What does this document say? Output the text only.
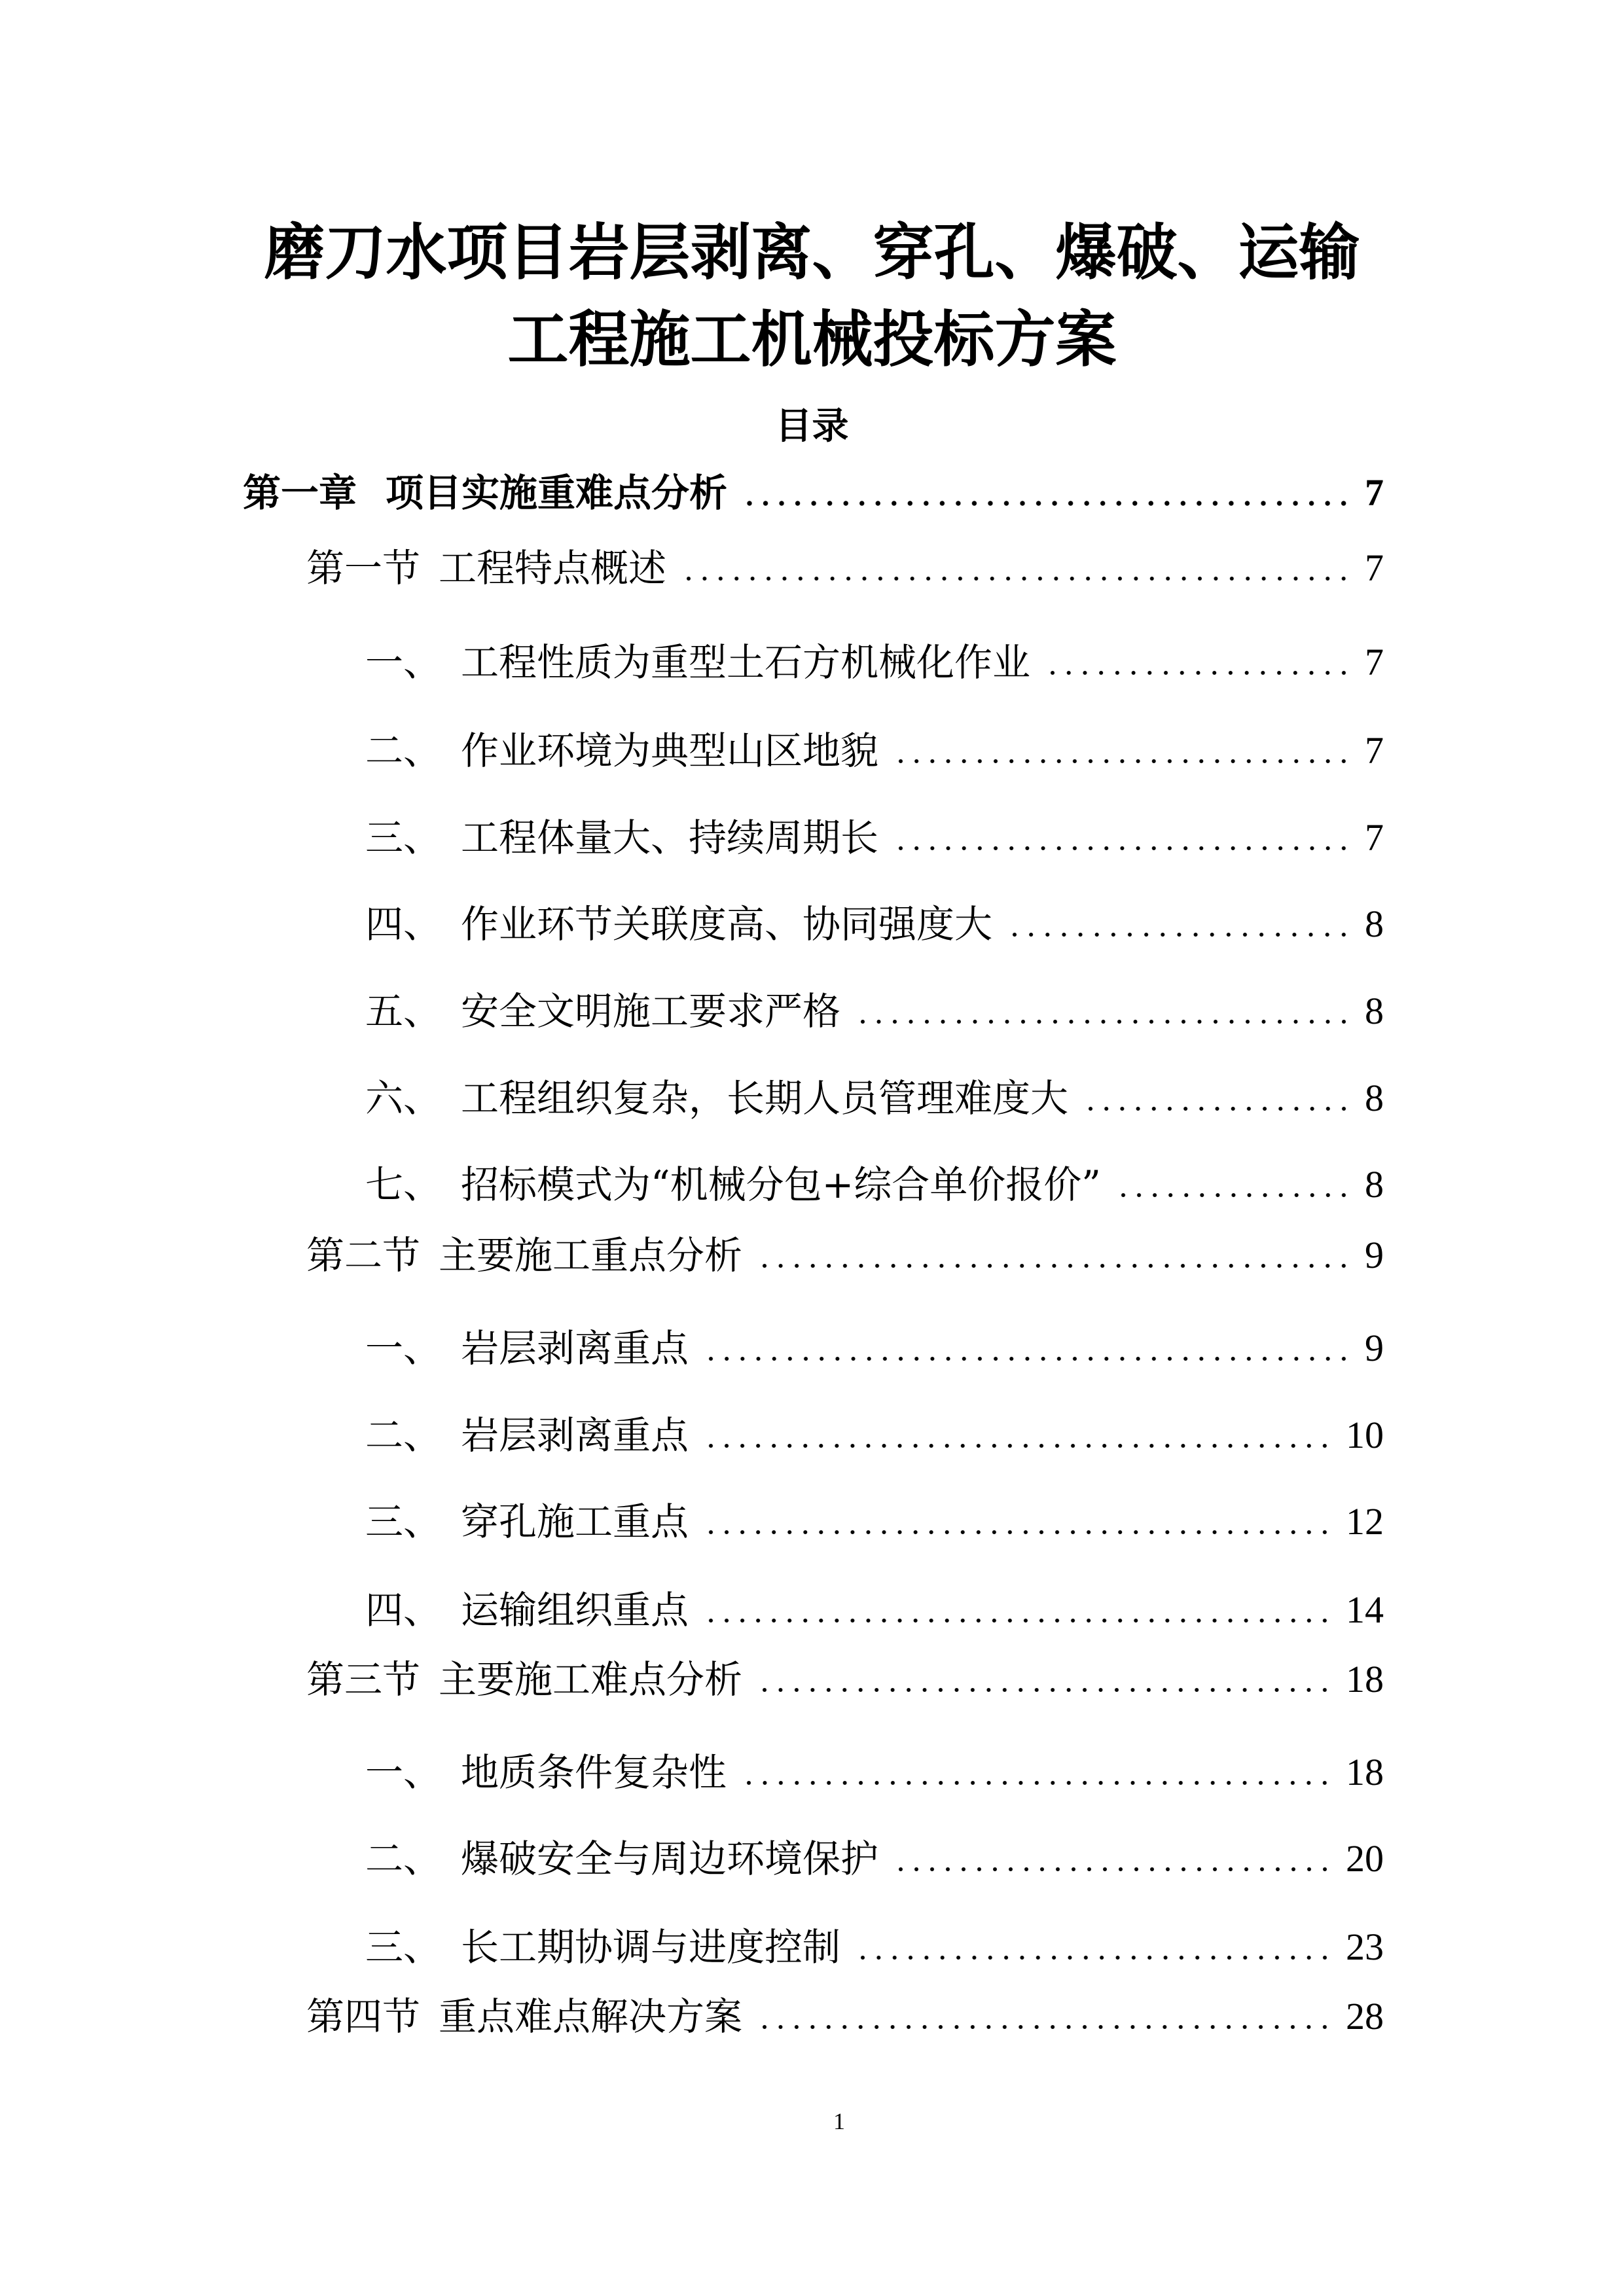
磨刀水项目岩层剥离、穿孔、爆破、运输
工程施工机械投标方案
目录
第一章 项目实施重难点分析	7
第一节 工程特点概述	7
一、 工程性质为重型土石方机械化作业	7
二、 作业环境为典型山区地貌	7
三、 工程体量大、持续周期长	7
四、 作业环节关联度高、协同强度大	8
五、 安全文明施工要求严格	8
六、 工程组织复杂，长期人员管理难度大	8
七、 招标模式为“机械分包+综合单价报价”	8
第二节 主要施工重点分析	9
一、 岩层剥离重点	9
二、 岩层剥离重点	10
三、 穿孔施工重点	12
四、 运输组织重点	14
第三节 主要施工难点分析	18
一、 地质条件复杂性	18
二、 爆破安全与周边环境保护	20
三、 长工期协调与进度控制	23
第四节 重点难点解决方案	28
1
